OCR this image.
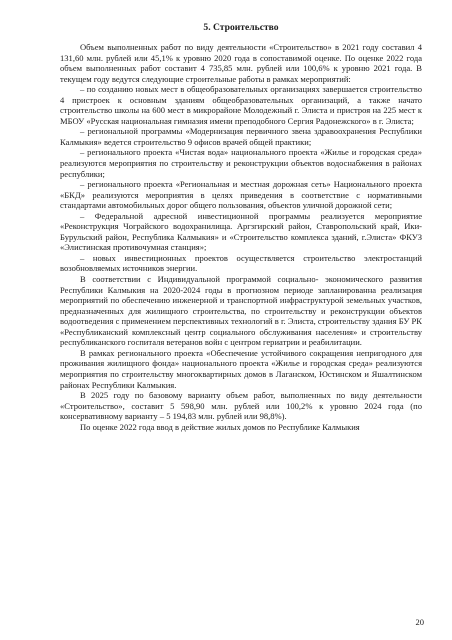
5. Строительство

Объем выполненных работ по виду деятельности «Строительство» в 2021 году составил 4 131,60 млн. рублей или 45,1% к уровню 2020 года в сопоставимой оценке. По оценке 2022 года объем выполненных работ составит 4 735,85 млн. рублей или 100,6% к уровню 2021 года. В текущем году ведутся следующие строительные работы в рамках мероприятий:

– по созданию новых мест в общеобразовательных организациях завершается строительство 4 пристроек к основным зданиям общеобразовательных организаций, а также начато строительство школы на 600 мест в микрорайоне Молодежный г. Элиста и пристроя на 225 мест к МБОУ «Русская национальная гимназия имени преподобного Сергия Радонежского» в г. Элиста;

– региональной программы «Модернизация первичного звена здравоохранения Республики Калмыкия» ведется строительство 9 офисов врачей общей практики;

– регионального проекта «Чистая вода» национального проекта «Жилье и городская среда» реализуются мероприятия по строительству и реконструкции объектов водоснабжения в районах республики;

– регионального проекта «Региональная и местная дорожная сеть» Национального проекта «БКД» реализуются мероприятия в целях приведения в соответствие с нормативными стандартами автомобильных дорог общего пользования, объектов уличной дорожной сети;

– Федеральной адресной инвестиционной программы реализуется мероприятие «Реконструкция Чограйского водохранилища. Аргзгирский район, Ставропольский край, Ики-Бурульский район, Республика Калмыкия» и «Строительство комплекса зданий, г.Элиста» ФКУЗ «Элистинская противочумная станция»;

– новых инвестиционных проектов осуществляется строительство электростанций возобновляемых источников энергии.

В соответствии с Индивидуальной программой социально- экономического развития Республики Калмыкия на 2020-2024 годы в прогнозном периоде запланированна реализация мероприятий по обеспечению инженерной и транспортной инфраструктурой земельных участков, предназначенных для жилищного строительства, по строительству и реконструкции объектов водоотведения с применением перспективных технологий в г. Элиста, строительству здания БУ РК «Республиканский комплексный центр социального обслуживания населения» и строительству республиканского госпиталя ветеранов войн с центром гериатрии и реабилитации.

В рамках регионального проекта «Обеспечение устойчивого сокращения непригодного для проживания жилищного фонда» национального проекта «Жилье и городская среда» реализуются мероприятия по строительству многоквартирных домов в Лаганском, Юстинском и Яшалтинском районах Республики Калмыкия.

В 2025 году по базовому варианту объем работ, выполненных по виду деятельности «Строительство», составит 5 598,90 млн. рублей или 100,2% к уровню 2024 года (по консервативному варианту – 5 194,83 млн. рублей или 98,8%).

По оценке 2022 года ввод в действие жилых домов по Республике Калмыкия

20
